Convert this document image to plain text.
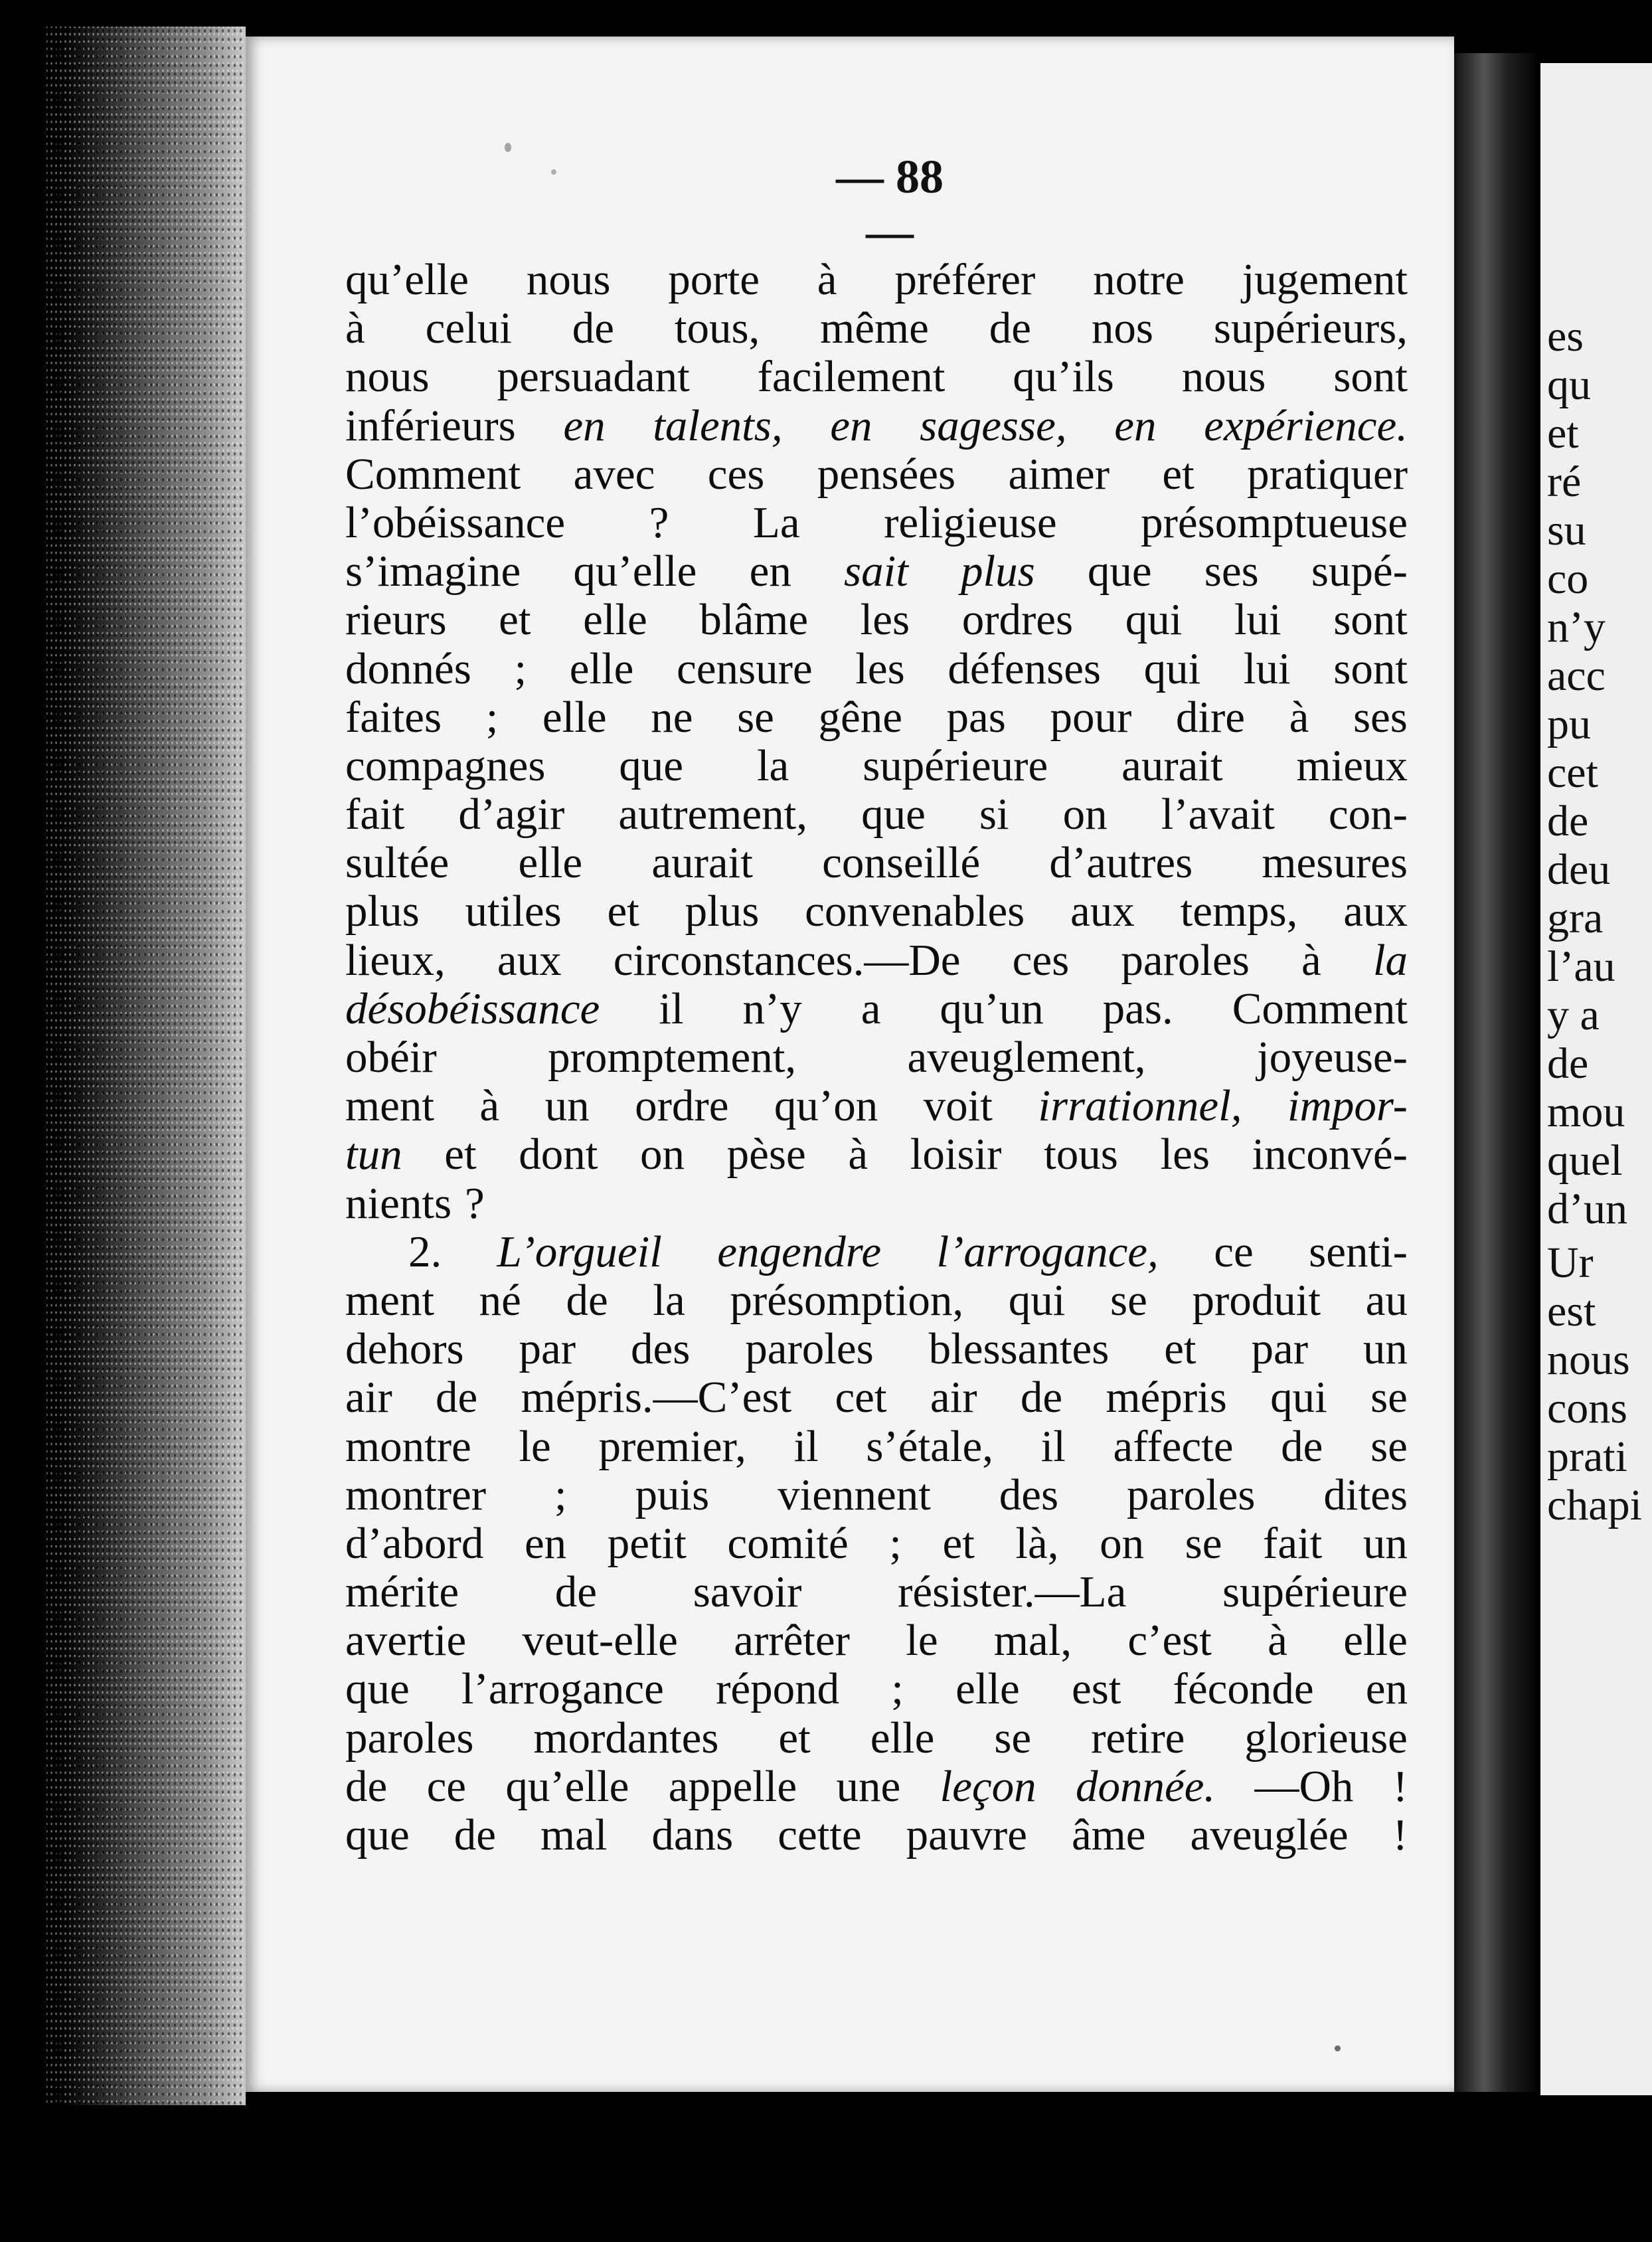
— 88 —
qu’elle nous porte à préférer notre jugement
à celui de tous, même de nos supérieurs,
nous persuadant facilement qu’ils nous sont
inférieurs en talents, en sagesse, en expérience.
Comment avec ces pensées aimer et pratiquer
l’obéissance ? La religieuse présomptueuse
s’imagine qu’elle en sait plus que ses supé-
rieurs et elle blâme les ordres qui lui sont
donnés ; elle censure les défenses qui lui sont
faites ; elle ne se gêne pas pour dire à ses
compagnes que la supérieure aurait mieux
fait d’agir autrement, que si on l’avait con-
sultée elle aurait conseillé d’autres mesures
plus utiles et plus convenables aux temps, aux
lieux, aux circonstances.—De ces paroles à la
désobéissance il n’y a qu’un pas. Comment
obéir promptement, aveuglement, joyeuse-
ment à un ordre qu’on voit irrationnel, impor-
tun et dont on pèse à loisir tous les inconvé-
nients ?
2. L’orgueil engendre l’arrogance, ce senti-
ment né de la présomption, qui se produit au
dehors par des paroles blessantes et par un
air de mépris.—C’est cet air de mépris qui se
montre le premier, il s’étale, il affecte de se
montrer ; puis viennent des paroles dites
d’abord en petit comité ; et là, on se fait un
mérite de savoir résister.—La supérieure
avertie veut-elle arrêter le mal, c’est à elle
que l’arrogance répond ; elle est féconde en
paroles mordantes et elle se retire glorieuse
de ce qu’elle appelle une leçon donnée. —Oh !
que de mal dans cette pauvre âme aveuglée !
es
qu
et
ré
su
co
n’y
acc
pu
cet
de
deu
gra
l’au
y a
de
mou
quel
d’un
Ur
est
nous
cons
prati
chapi
